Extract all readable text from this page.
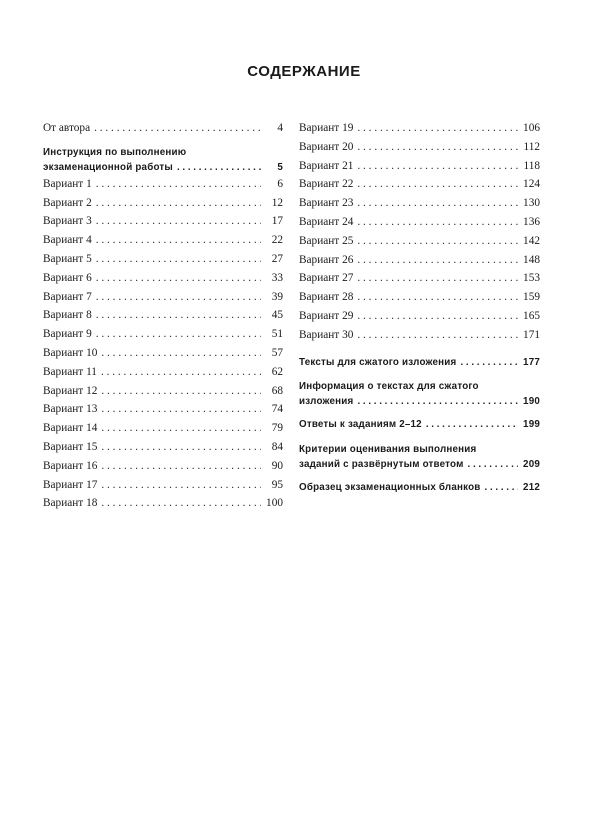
СОДЕРЖАНИЕ
От автора . . .	4
Инструкция по выполнению
экзаменационной работы . . .	5
Вариант 1 . . .	6
Вариант 2 . . .	12
Вариант 3 . . .	17
Вариант 4 . . .	22
Вариант 5 . . .	27
Вариант 6 . . .	33
Вариант 7 . . .	39
Вариант 8 . . .	45
Вариант 9 . . .	51
Вариант 10 . . .	57
Вариант 11 . . .	62
Вариант 12 . . .	68
Вариант 13 . . .	74
Вариант 14 . . .	79
Вариант 15 . . .	84
Вариант 16 . . .	90
Вариант 17 . . .	95
Вариант 18 . . .	100
Вариант 19 . . .	106
Вариант 20 . . .	112
Вариант 21 . . .	118
Вариант 22 . . .	124
Вариант 23 . . .	130
Вариант 24 . . .	136
Вариант 25 . . .	142
Вариант 26 . . .	148
Вариант 27 . . .	153
Вариант 28 . . .	159
Вариант 29 . . .	165
Вариант 30 . . .	171
Тексты для сжатого изложения . . .	177
Информация о текстах для сжатого
изложения . . .	190
Ответы к заданиям 2–12 . . .	199
Критерии оценивания выполнения
заданий с развёрнутым ответом . . .	209
Образец экзаменационных бланков . . .	212
